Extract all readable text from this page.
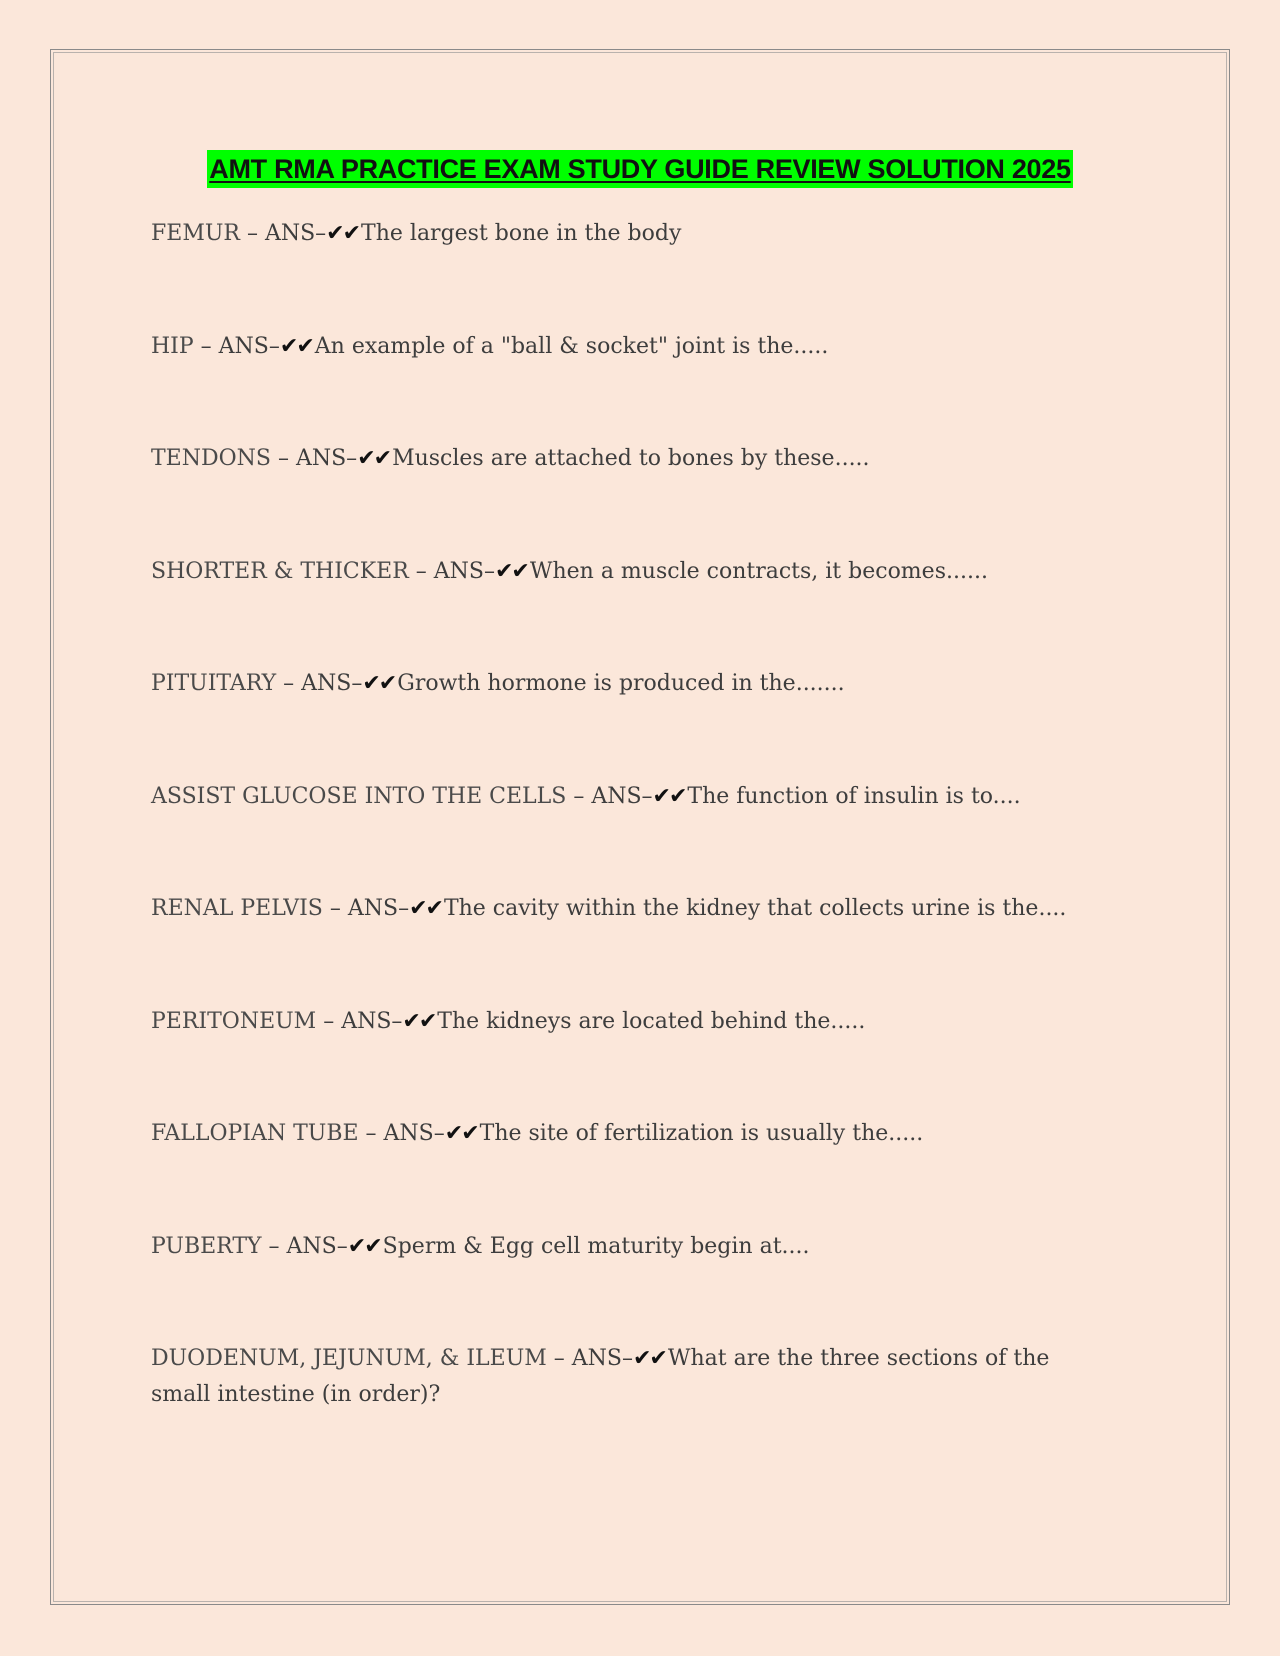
AMT RMA PRACTICE EXAM STUDY GUIDE REVIEW SOLUTION 2025
FEMUR – ANS–✔✔The largest bone in the body
HIP – ANS–✔✔An example of a "ball & socket" joint is the.....
TENDONS – ANS–✔✔Muscles are attached to bones by these.....
SHORTER & THICKER – ANS–✔✔When a muscle contracts, it becomes......
PITUITARY – ANS–✔✔Growth hormone is produced in the.......
ASSIST GLUCOSE INTO THE CELLS – ANS–✔✔The function of insulin is to....
RENAL PELVIS – ANS–✔✔The cavity within the kidney that collects urine is the....
PERITONEUM – ANS–✔✔The kidneys are located behind the.....
FALLOPIAN TUBE – ANS–✔✔The site of fertilization is usually the.....
PUBERTY – ANS–✔✔Sperm & Egg cell maturity begin at....
DUODENUM, JEJUNUM, & ILEUM – ANS–✔✔What are the three sections of the small intestine (in order)?
